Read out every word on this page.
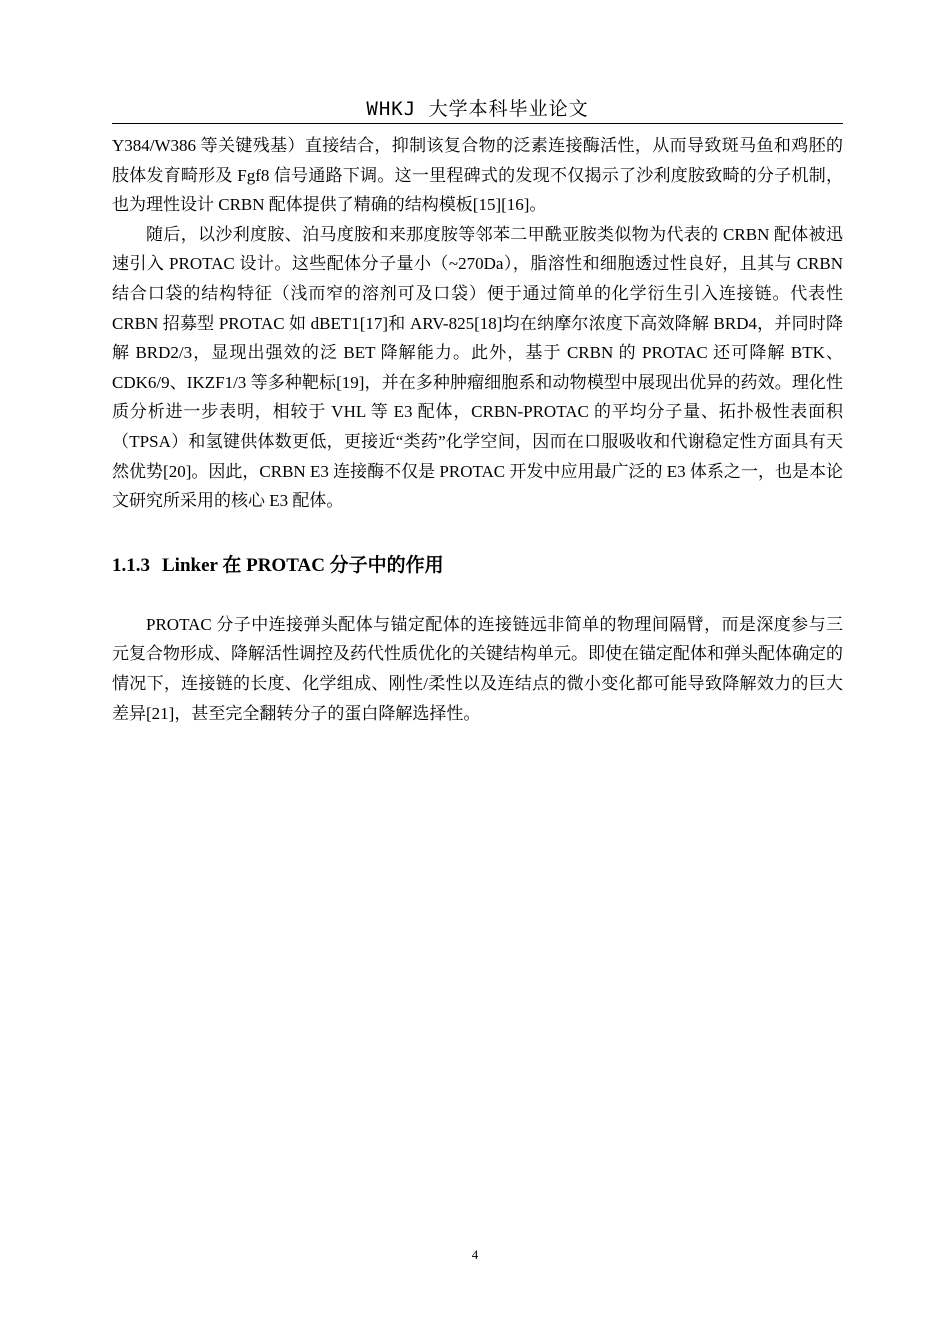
WHKJ 大学本科毕业论文

Y384/W386 等关键残基）直接结合，抑制该复合物的泛素连接酶活性，从而导致斑马鱼和鸡胚的肢体发育畸形及 Fgf8 信号通路下调。这一里程碑式的发现不仅揭示了沙利度胺致畸的分子机制，也为理性设计 CRBN 配体提供了精确的结构模板[15][16]。

随后，以沙利度胺、泊马度胺和来那度胺等邻苯二甲酰亚胺类似物为代表的 CRBN 配体被迅速引入 PROTAC 设计。这些配体分子量小（~270Da），脂溶性和细胞透过性良好，且其与 CRBN 结合口袋的结构特征（浅而窄的溶剂可及口袋）便于通过简单的化学衍生引入连接链。代表性 CRBN 招募型 PROTAC 如 dBET1[17]和 ARV-825[18]均在纳摩尔浓度下高效降解 BRD4，并同时降解 BRD2/3，显现出强效的泛 BET 降解能力。此外，基于 CRBN 的 PROTAC 还可降解 BTK、CDK6/9、IKZF1/3 等多种靶标[19]，并在多种肿瘤细胞系和动物模型中展现出优异的药效。理化性质分析进一步表明，相较于 VHL 等 E3 配体，CRBN-PROTAC 的平均分子量、拓扑极性表面积（TPSA）和氢键供体数更低，更接近“类药”化学空间，因而在口服吸收和代谢稳定性方面具有天然优势[20]。因此，CRBN E3 连接酶不仅是 PROTAC 开发中应用最广泛的 E3 体系之一，也是本论文研究所采用的核心 E3 配体。

1.1.3 Linker 在 PROTAC 分子中的作用

PROTAC 分子中连接弹头配体与锚定配体的连接链远非简单的物理间隔臂，而是深度参与三元复合物形成、降解活性调控及药代性质优化的关键结构单元。即使在锚定配体和弹头配体确定的情况下，连接链的长度、化学组成、刚性/柔性以及连结点的微小变化都可能导致降解效力的巨大差异[21]，甚至完全翻转分子的蛋白降解选择性。

4
